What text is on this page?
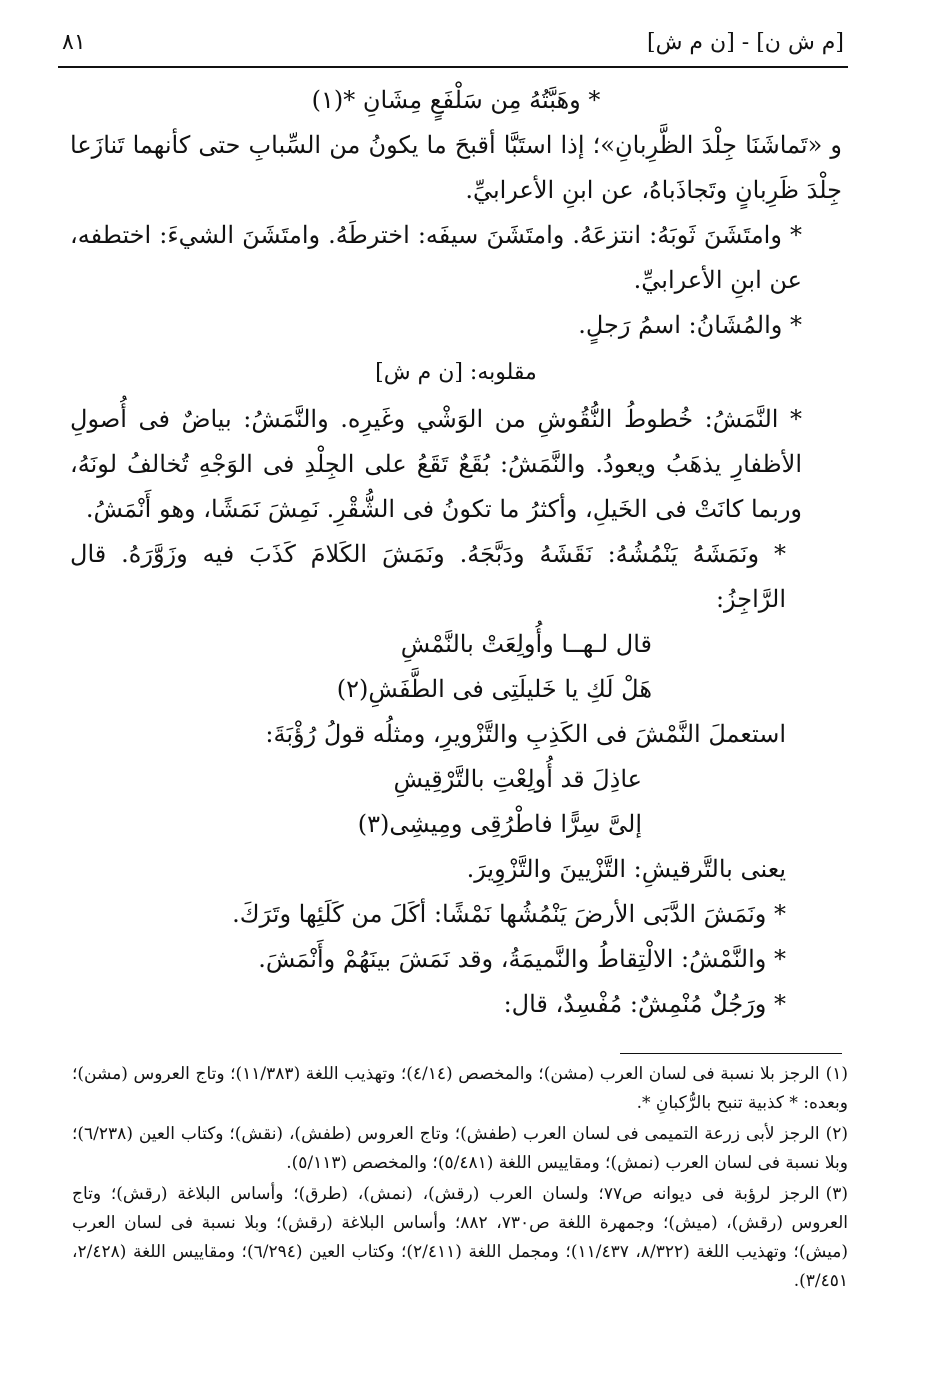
[م ش ن] - [ن م ش]
٨١

* وهَبَّتُهُ مِن سَلْفَعٍ مِشَانِ *(١)

و «تَماشَنَا جِلْدَ الظَّرِبانِ»؛ إذا استَبَّا أقبحَ ما يكونُ من السِّبابِ حتى كأنهما تَنازَعا جِلْدَ ظَرِبانٍ وتَجاذَباهُ، عن ابنِ الأعرابيِّ.

* وامتَشَنَ ثَوبَهُ: انتزعَهُ. وامتَشَنَ سيفَه: اخترطَهُ. وامتَشَنَ الشيءَ: اختطفه، عن ابنِ الأعرابيِّ.

* والمُشَانُ: اسمُ رَجلٍ.

مقلوبه: [ن م ش]

* النَّمَشُ: خُطوطُ النُّقُوشِ من الوَشْي وغَيرِه. والنَّمَشُ: بياضٌ فى أُصولِ الأظفارِ يذهَبُ ويعودُ. والنَّمَشُ: بُقَعٌ تَقَعُ على الجِلْدِ فى الوَجْهِ تُخالفُ لونَهُ، وربما كانَتْ فى الخَيلِ، وأكثرُ ما تكونُ فى الشُّقْرِ. نَمِشَ نَمَشًا، وهو أَنْمَشُ.

* ونَمَشَهُ يَنْمُشُهُ: نَقَشَهُ ودَبَّجَهُ. ونَمَشَ الكَلامَ كَذَبَ فيه وزَوَّرَهُ. قال الرَّاجِزُ:

قال لـهــا وأُولِعَتْ بالنَّمْشِ

هَلْ لَكِ يا خَليلَتِى فى الطَّفَشِ(٢)

استعملَ النَّمْشَ فى الكَذِبِ والتَّزْويرِ، ومثلُه قولُ رُؤْبَةَ:

عاذِلَ قد أُولِعْتِ بالتَّرْقِيشِ

إلىَّ سِرًّا فاطْرُقِى ومِيشِى(٣)

يعنى بالتَّرقيشِ: التَّزْيينَ والتَّزْوِيرَ.

* ونَمَشَ الدَّبَى الأرضَ يَنْمُشُها نَمْشًا: أكَلَ من كَلَئِها وتَرَكَ.

* والنَّمْشُ: الالْتِقاطُ والنَّميمَةُ، وقد نَمَشَ بينَهُمْ وأَنْمَشَ.

* ورَجُلٌ مُنْمِشٌ: مُفْسِدٌ، قال:

(١)الرجز بلا نسبة فى لسان العرب (مشن)؛ والمخصص (٤/١٤)؛ وتهذيب اللغة (١١/٣٨٣)؛ وتاج العروس (مشن)؛ وبعده: * كذبية تنبح بالرُّكبانِ *.

(٢)الرجز لأبى زرعة التميمى فى لسان العرب (طفش)؛ وتاج العروس (طفش)، (نقش)؛ وكتاب العين (٦/٢٣٨)؛ وبلا نسبة فى لسان العرب (نمش)؛ ومقاييس اللغة (٥/٤٨١)؛ والمخصص (٥/١١٣).

(٣)الرجز لرؤبة فى ديوانه ص٧٧؛ ولسان العرب (رقش)، (نمش)، (طرق)؛ وأساس البلاغة (رقش)؛ وتاج العروس (رقش)، (ميش)؛ وجمهرة اللغة ص٧٣٠، ٨٨٢؛ وأساس البلاغة (رقش)؛ وبلا نسبة فى لسان العرب (ميش)؛ وتهذيب اللغة (٨/٣٢٢، ١١/٤٣٧)؛ ومجمل اللغة (٢/٤١١)؛ وكتاب العين (٦/٢٩٤)؛ ومقاييس اللغة (٢/٤٢٨، ٣/٤٥١).
